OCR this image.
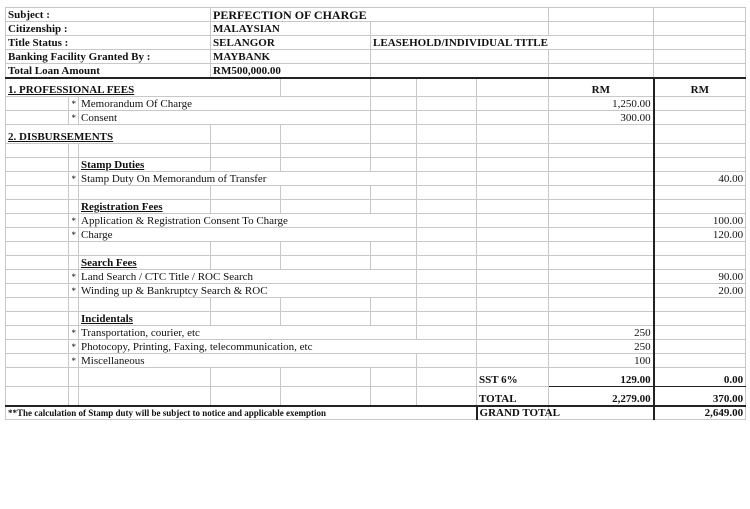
Subject :			PERFECTION OF CHARGE						
Citizenship :			MALAYSIAN						
Title Status :			SELANGOR		LEASEHOLD/INDIVIDUAL TITLE				
Banking Facility Granted By :			MAYBANK						
Total Loan Amount			RM500,000.00						
1. PROFESSIONAL FEES								RM	RM
	*	Memorandum Of Charge						1,250.00	
	*	Consent						300.00	
2. DISBURSEMENTS									

		Stamp Duties							
	*	Stamp Duty On Memorandum of Transfer							40.00

		Registration Fees							
	*	Application & Registration Consent To Charge							100.00
	*	Charge							120.00

		Search Fees							
	*	Land Search / CTC Title / ROC Search							90.00
	*	Winding up & Bankruptcy Search & ROC							20.00

		Incidentals							
	*	Transportation, courier, etc						250	
	*	Photocopy, Printing, Faxing, telecommunication, etc						250	
	*	Miscellaneous						100	
							SST 6%	129.00	0.00
							TOTAL	2,279.00	370.00
**The calculation of Stamp duty will be subject to notice and applicable exemption							GRAND TOTAL		2,649.00
